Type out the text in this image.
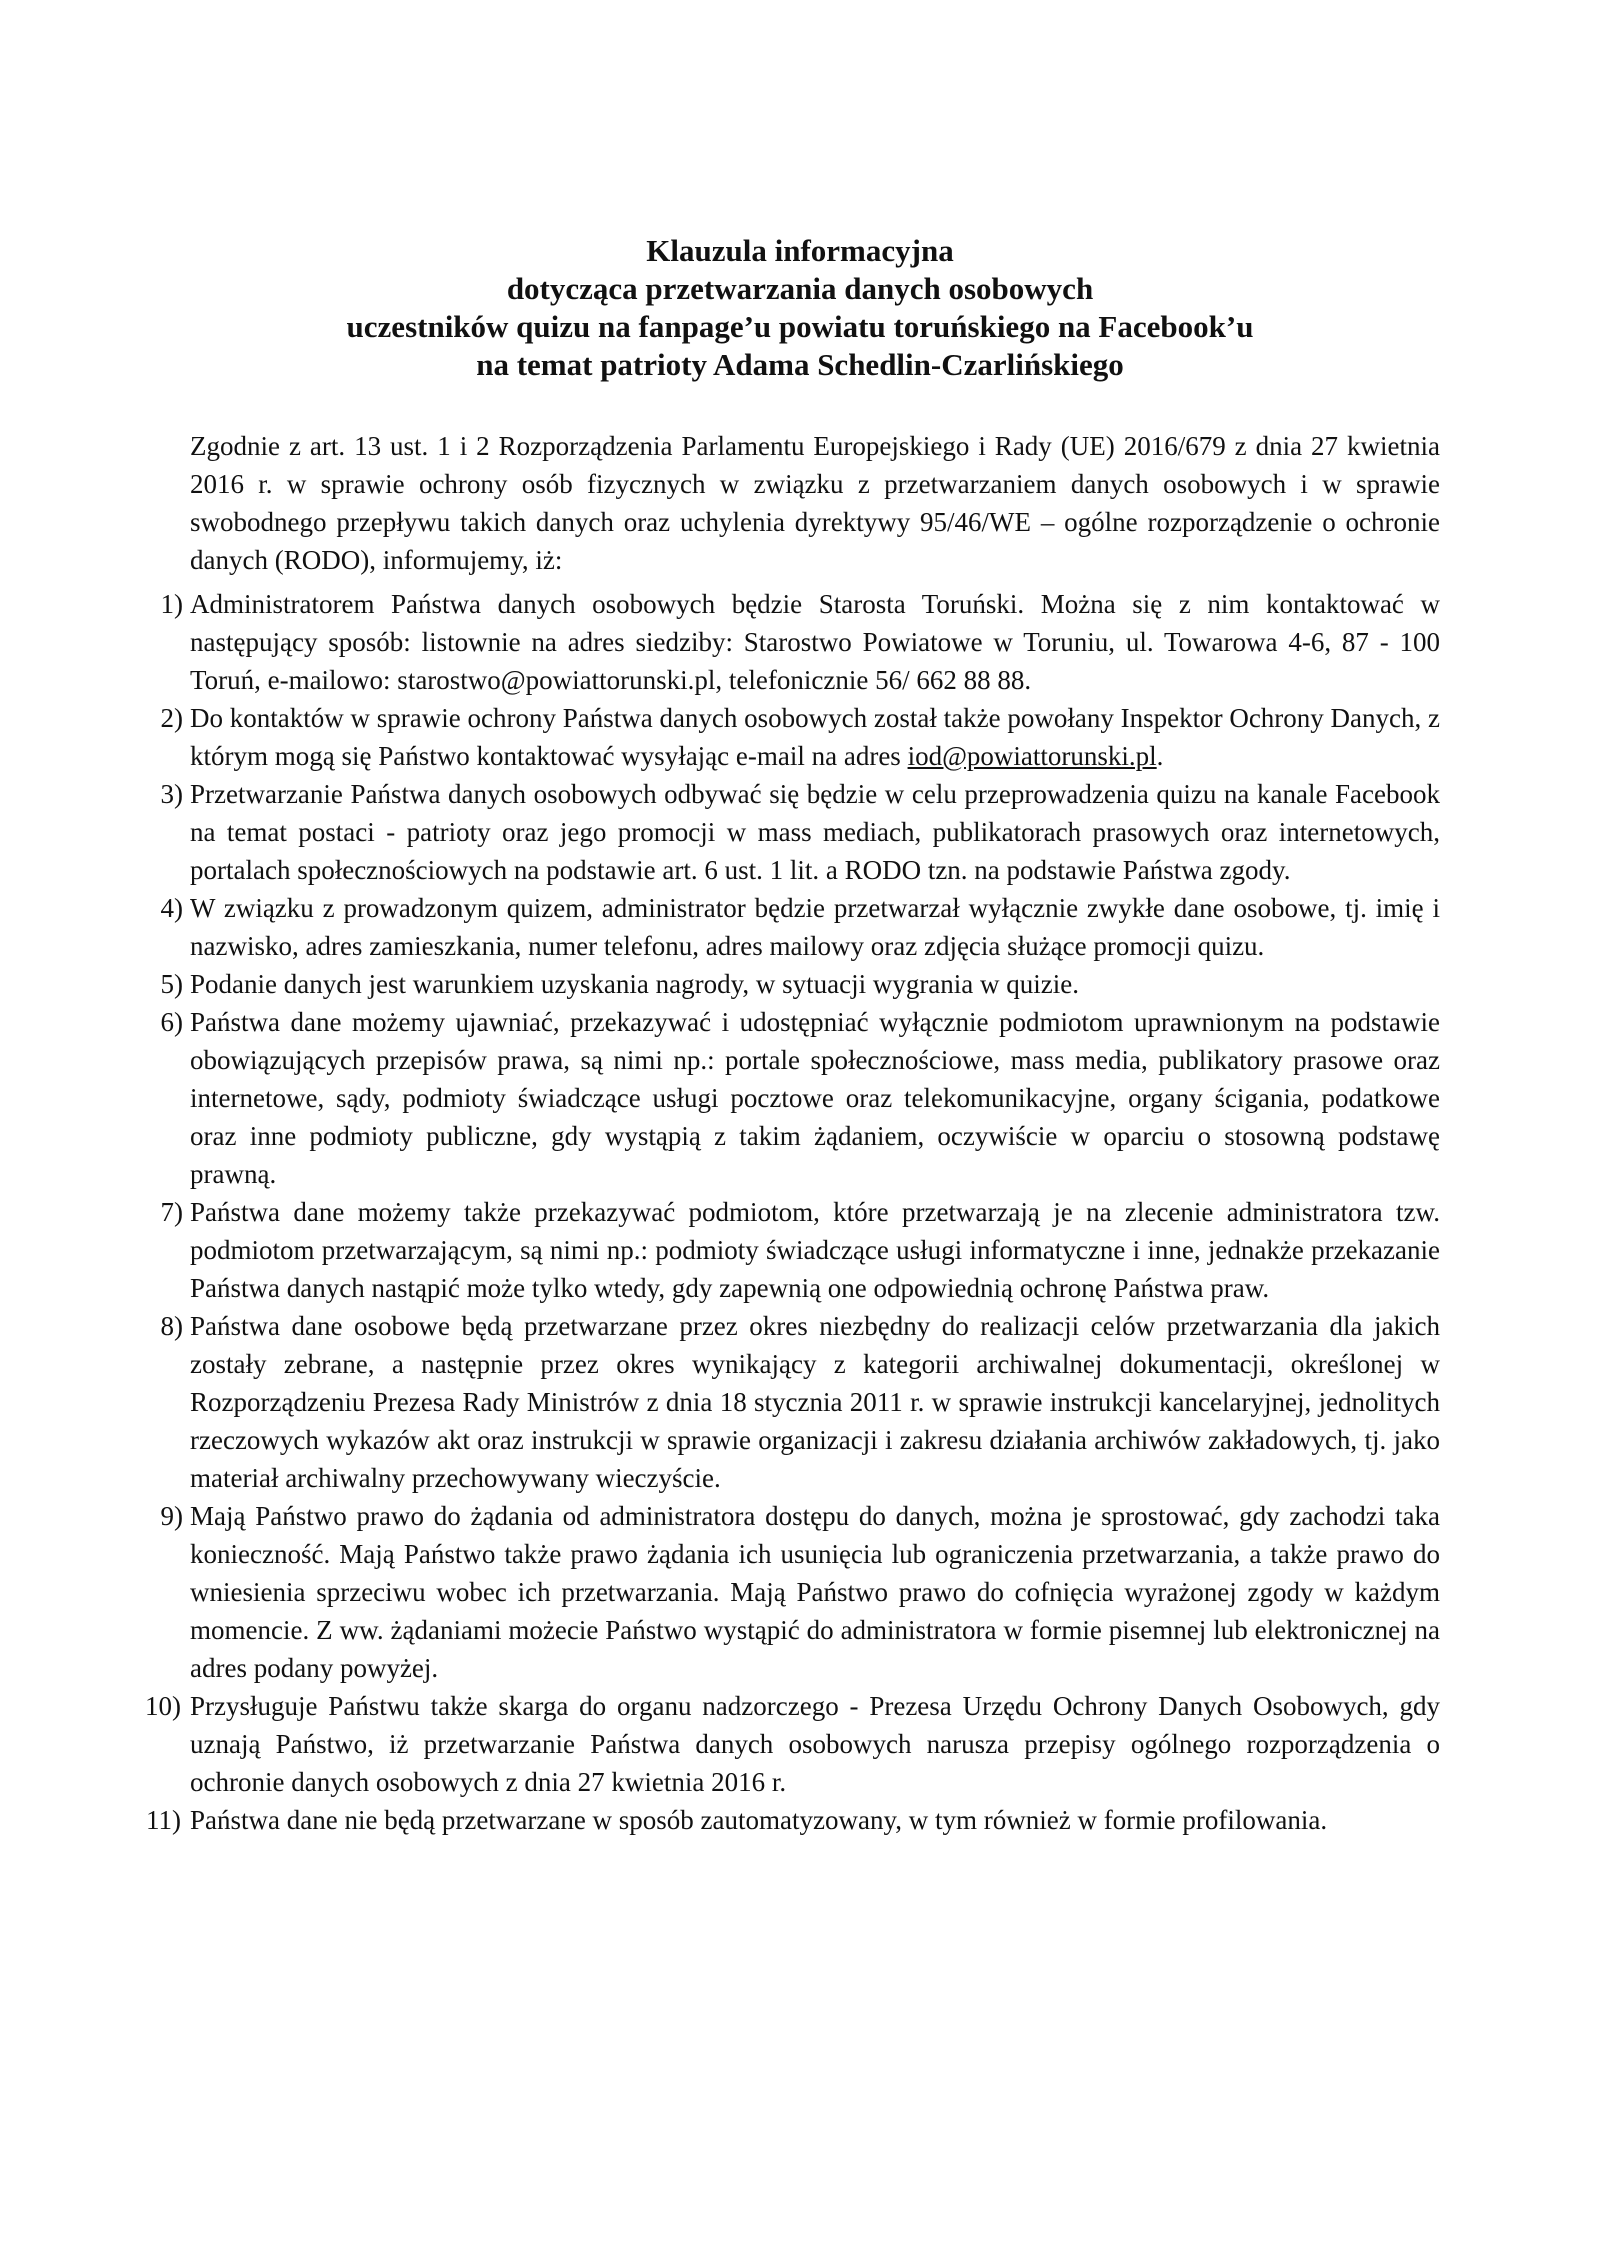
Klauzula informacyjna
dotycząca przetwarzania danych osobowych
uczestników quizu na fanpage’u powiatu toruńskiego na Facebook’u
na temat patrioty Adama Schedlin-Czarlińskiego

Zgodnie z art. 13 ust. 1 i 2 Rozporządzenia Parlamentu Europejskiego i Rady (UE) 2016/679 z dnia 27 kwietnia 2016 r. w sprawie ochrony osób fizycznych w związku z przetwarzaniem danych osobowych i w sprawie swobodnego przepływu takich danych oraz uchylenia dyrektywy 95/46/WE – ogólne rozporządzenie o ochronie danych (RODO), informujemy, iż:

1) Administratorem Państwa danych osobowych będzie Starosta Toruński. Można się z nim kontaktować w następujący sposób: listownie na adres siedziby: Starostwo Powiatowe w Toruniu, ul. Towarowa 4-6, 87 - 100 Toruń, e-mailowo: starostwo@powiattorunski.pl, telefonicznie 56/ 662 88 88.
2) Do kontaktów w sprawie ochrony Państwa danych osobowych został także powołany Inspektor Ochrony Danych, z którym mogą się Państwo kontaktować wysyłając e-mail na adres iod@powiattorunski.pl.
3) Przetwarzanie Państwa danych osobowych odbywać się będzie w celu przeprowadzenia quizu na kanale Facebook na temat postaci - patrioty oraz jego promocji w mass mediach, publikatorach prasowych oraz internetowych, portalach społecznościowych na podstawie art. 6 ust. 1 lit. a RODO tzn. na podstawie Państwa zgody.
4) W związku z prowadzonym quizem, administrator będzie przetwarzał wyłącznie zwykłe dane osobowe, tj. imię i nazwisko, adres zamieszkania, numer telefonu, adres mailowy oraz zdjęcia służące promocji quizu.
5) Podanie danych jest warunkiem uzyskania nagrody, w sytuacji wygrania w quizie.
6) Państwa dane możemy ujawniać, przekazywać i udostępniać wyłącznie podmiotom uprawnionym na podstawie obowiązujących przepisów prawa, są nimi np.: portale społecznościowe, mass media, publikatory prasowe oraz internetowe, sądy, podmioty świadczące usługi pocztowe oraz telekomunikacyjne, organy ścigania, podatkowe oraz inne podmioty publiczne, gdy wystąpią z takim żądaniem, oczywiście w oparciu o stosowną podstawę prawną.
7) Państwa dane możemy także przekazywać podmiotom, które przetwarzają je na zlecenie administratora tzw. podmiotom przetwarzającym, są nimi np.: podmioty świadczące usługi informatyczne i inne, jednakże przekazanie Państwa danych nastąpić może tylko wtedy, gdy zapewnią one odpowiednią ochronę Państwa praw.
8) Państwa dane osobowe będą przetwarzane przez okres niezbędny do realizacji celów przetwarzania dla jakich zostały zebrane, a następnie przez okres wynikający z kategorii archiwalnej dokumentacji, określonej w Rozporządzeniu Prezesa Rady Ministrów z dnia 18 stycznia 2011 r. w sprawie instrukcji kancelaryjnej, jednolitych rzeczowych wykazów akt oraz instrukcji w sprawie organizacji i zakresu działania archiwów zakładowych, tj. jako materiał archiwalny przechowywany wieczyście.
9) Mają Państwo prawo do żądania od administratora dostępu do danych, można je sprostować, gdy zachodzi taka konieczność. Mają Państwo także prawo żądania ich usunięcia lub ograniczenia przetwarzania, a także prawo do wniesienia sprzeciwu wobec ich przetwarzania. Mają Państwo prawo do cofnięcia wyrażonej zgody w każdym momencie. Z ww. żądaniami możecie Państwo wystąpić do administratora w formie pisemnej lub elektronicznej na adres podany powyżej.
10) Przysługuje Państwu także skarga do organu nadzorczego - Prezesa Urzędu Ochrony Danych Osobowych, gdy uznają Państwo, iż przetwarzanie Państwa danych osobowych narusza przepisy ogólnego rozporządzenia o ochronie danych osobowych z dnia 27 kwietnia 2016 r.
11) Państwa dane nie będą przetwarzane w sposób zautomatyzowany, w tym również w formie profilowania.
